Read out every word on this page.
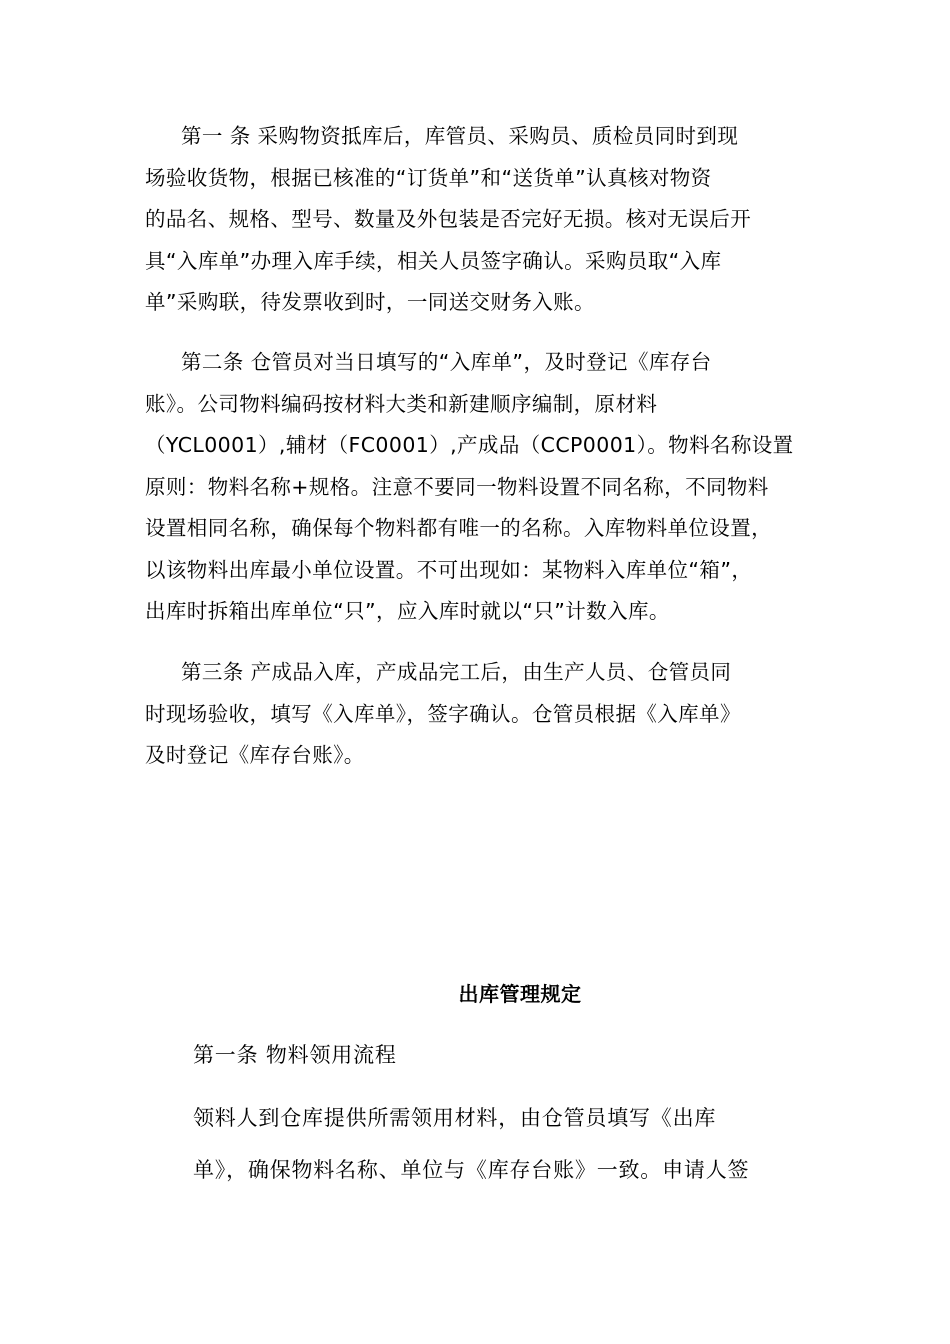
第一 条 采购物资抵库后，库管员、采购员、质检员同时到现
场验收货物，根据已核准的“订货单”和“送货单”认真核对物资
的品名、规格、型号、数量及外包装是否完好无损。核对无误后开
具“入库单”办理入库手续，相关人员签字确认。采购员取“入库
单”采购联，待发票收到时，一同送交财务入账。

第二条 仓管员对当日填写的“入库单”，及时登记《库存台
账》。公司物料编码按材料大类和新建顺序编制，原材料
（YCL0001）,辅材（FC0001）,产成品（CCP0001）。物料名称设置
原则：物料名称+规格。注意不要同一物料设置不同名称，不同物料
设置相同名称，确保每个物料都有唯一的名称。入库物料单位设置，
以该物料出库最小单位设置。不可出现如：某物料入库单位“箱”，
出库时拆箱出库单位“只”，应入库时就以“只”计数入库。

第三条 产成品入库，产成品完工后，由生产人员、仓管员同
时现场验收，填写《入库单》，签字确认。仓管员根据《入库单》
及时登记《库存台账》。

出库管理规定

第一条 物料领用流程

领料人到仓库提供所需领用材料，由仓管员填写《出库
单》，确保物料名称、单位与《库存台账》一致。申请人签
